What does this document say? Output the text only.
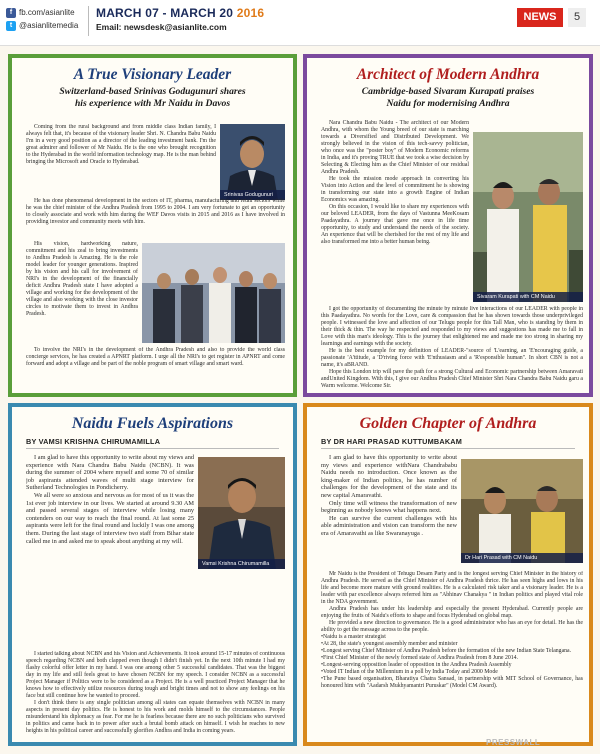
f fb.com/asianlite
t @asianlitemedia
MARCH 07 - MARCH 20 2016
Email: newsdesk@asianlite.com
NEWS	5
A True Visionary Leader
Switzerland-based Srinivas Godugunuri shares
his experience with Mr Naidu in Davos

Coming from the rural background and from middle class Indian family, I always felt that, it's because of the visionary leader Shri. N. Chandra Babu Naidu I'm in a very good position as a director of the leading investment bank. I'm the great admirer and follower of Mr Naidu. He is the one who brought recognition to the Hyderabad in the world information technology map. He is the man behind bringing the Microsoft and Oracle to Hyderabad.

Srinivas Godugunuri

He has done phenomenal development in the sectors of IT, pharma, manufacturing and retail sectors while he was the chief minister of the Andhra Pradesh from 1995 to 2004. I am very fortunate to get an opportunity to closely associate and work with him during the WEF Davos visits in 2015 and 2016 as I have involved in providing investor and community meets with him.

His vision, hardworking nature, commitment and his zeal to bring investments to Andhra Pradesh is Amazing. He is the role model leader for younger generations. Inspired by his vision and his call for involvement of NRI's in the development of the financially deficit Andhra Pradesh state I have adopted a village and working for the development of the village and also working with the close investor circles to motivate them to invest in Andhra Pradesh.

To involve the NRI's in the development of the Andhra Pradesh and also to provide the world class concierge services, he has created a APNRT platform. I urge all the NRI's to get register in APNRT and come forward and adopt a village and be part of the noble program of smart village and smart ward.

Architect of Modern Andhra
Cambridge-based Sivaram Kurapati praises
Naidu for modernising Andhra

Nara Chandra Babu Naidu - The architect of our Modern Andhra, with whom the Young breed of our state is marching towards a Diversified and Distributed Development. We strongly believed in the vision of this tech-savvy politician, who once was the "poster boy" of Modern Economic reforms in India, and it's proving TRUE that we took a wise decision by Selecting & Electing him as the Chief Minister of our residual Andhra Pradesh.

He took the mission mode approach in converting his Vision into Action and the level of commitment he is showing in transforming our state into a growth Engine of Indian Economics was amazing.

On this occasion, I would like to share my experiences with our beloved LEADER, from the days of Vastunna MeeKosam Paadayathra. A journey that gave me once in life time opportunity, to study and understand the needs of the society. An experience that will be cherished for the rest of my life and also transformed me into a better human being.

Sivaram Kurapati with CM Naidu

I got the opportunity of documenting the minute by minute live interactions of our LEADER with people in this Paadayathra. No words for the Love, care & compassion that he has shown towards those underprivileged people. I witnessed the love and affection of our Telugu people for this Tall Man, who is standing by them in their thick & thin. The way he respected and responded to my views and suggestions has made me to fall in Love with this man's ideology. This is the journey that enlightened me and made me too strong in sharing my learnings and earnings with the society.

He is the best example for my definition of LEADER-"source of 'L'earning, an 'E'ncouraging guide, a passionate 'A'ttitude, a 'D'riving force with 'E'nthusiasm and a 'R'esponsible human". In short CBN is not a name, it's aBRAND.

Hope this London trip will pave the path for a strong Cultural and Economic partnership between Amaravati andUnited Kingdom. With this, I give our Andhra Pradesh Chief Minister Shri Nara Chandra Babu Naidu garu a Warm welcome. Welcome Sir.

Naidu Fuels Aspirations
BY VAMSI KRISHNA CHIRUMAMILLA

I am glad to have this opportunity to write about my views and experience with Nara Chandra Babu Naidu (NCBN). It was during the summer of 2004 where myself and some 70 of similar job aspirants attended waves of multi stage interview for Sutherland Technologies in Pondicherry.

We all were so anxious and nervous as for most of us it was the 1st ever job interview in our lives. We started at around 9.30 AM and passed several stages of interview while losing many contenders on our way to reach the final round. At last some 25 aspirants were left for the final round and luckily I was one among them. During the last stage of interview two staff from Bihar state called me in and asked me to speak about anything at my will.

Vamsi Krishna Chirumamilla

I started talking about NCBN and his Vision and Achievements. It took around 15-17 minutes of continuous speech regarding NCBN and both clapped even though I didn't finish yet. In the next 10th minute I had my flashy colorful offer letter in my hand. I was one among other 5 successful candidates. That was the biggest day in my life and still feels great to have chosen NCBN for my speech. I consider NCBN as a successful Project Manager if Politics were to be considered as a Project. He is a well practiced Project Manager that he knows how to effectively utilize resources during tough and bright times and not to show any feelings on his face but still continue how he wanted to proceed.

I don't think there is any single politician among all states can equate themselves with NCBN in many aspects in present day politics. He is honest to his work and molds himself to the circumstances. People misunderstand his diplomacy as fear. For me he is fearless because there are no such politicians who survived in politics and came back in to power after such a brutal bomb attack on himself. I wish he reaches to new heights in his political career and successfully glorifies Andhra and India in coming years.

Golden Chapter of Andhra
BY DR HARI PRASAD KUTTUMBAKAM

I am glad to have this opportunity to write about my views and experience withNara Chandrababu Naidu needs no introduction. Once known as the king-maker of Indian politics, he has number of challenges for the development of the state and its new capital Amaravathi.

Only time will witness the transformation of new beginning as nobody knows what happens next.

He can survive the current challenges with his able administration and vision can transform the new era of Amaravathi as like Swaranayuga .

Dr Hari Prasad with CM Naidu

Mr Naidu is the President of Tehugu Desam Party and is the longest serving Chief Minister in the history of Andhra Pradesh. He served as the Chief Minister of Andhra Pradesh thrice. He has seen highs and lows in his life and become more mature with ground realities. He is a calculated risk taker and a visionary leader. He is a leader with par excellence always referred him as "Abhinav Chanakya " in Indian politics and played vital role in the NDA government.

Andhra Pradesh has under his leadership and especially the present Hyderabad. Currently people are enjoying the fruits of Naidu's efforts to shape and focus Hyderabad on global map.

He provided a new direction to governance. He is a good administrator who has an eye for detail. He has the ability to get the message across to the people.

•Naidu is a master strategist
•At 28, the state's youngest assembly member and minister
•Longest serving Chief Minister of Andhra Pradesh before the formation of the new Indian State Telangana.
•First Chief Minister of the newly formed state of Andhra Pradesh from 8 June 2014.
•Longest-serving opposition leader of opposition in the Andhra Pradesh Assembly
•Voted IT Indian of the Millennium in a poll by India Today and 2000 Mode
•The Pune based organisation, Bharatiya Chatra Sansad, in partnership with MIT School of Governance, has honoured him with "Aadarsh Mukhyamantri Puruskar" (Model CM Award).
PRESSWALL
